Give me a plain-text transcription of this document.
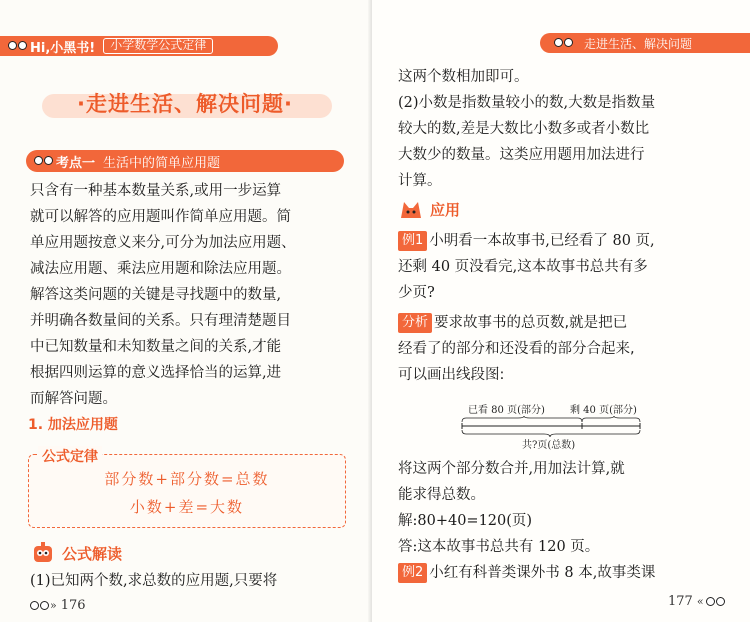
Hi,小黑书!	小学数学公式定律
·走进生活、解决问题·
考点一 生活中的简单应用题

只含有一种基本数量关系,或用一步运算

就可以解答的应用题叫作简单应用题。简

单应用题按意义来分,可分为加法应用题、

减法应用题、乘法应用题和除法应用题。

解答这类问题的关键是寻找题中的数量,

并明确各数量间的关系。只有理清楚题目

中已知数量和未知数量之间的关系,才能

根据四则运算的意义选择恰当的运算,进

而解答问题。

1. 加法应用题
公式定律
部分数+部分数=总数
小数+差=大数
公式解读

(1)已知两个数,求总数的应用题,只要将

» 176
走进生活、解决问题

这两个数相加即可。

(2)小数是指数量较小的数,大数是指数量

较大的数,差是大数比小数多或者小数比

大数少的数量。这类应用题用加法进行

计算。

应用

例1 小明看一本故事书,已经看了 80 页,

还剩 40 页没看完,这本故事书总共有多

少页?

分析 要求故事书的总页数,就是把已

经看了的部分和还没看的部分合起来,

可以画出线段图:

已看 80 页(部分)	剩 40 页(部分)
共?页(总数)

将这两个部分数合并,用加法计算,就

能求得总数。

解:80+40=120(页)

答:这本故事书总共有 120 页。

例2 小红有科普类课外书 8 本,故事类课

177 «
